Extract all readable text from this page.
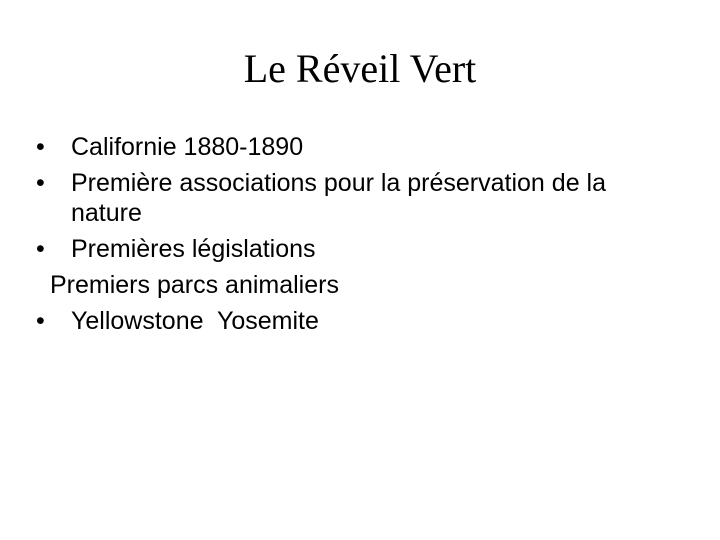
Le Réveil Vert
•	Californie 1880-1890
•	Première associations pour la préservation de la nature
•	Premières législations
Premiers parcs animaliers
•	Yellowstone  Yosemite
